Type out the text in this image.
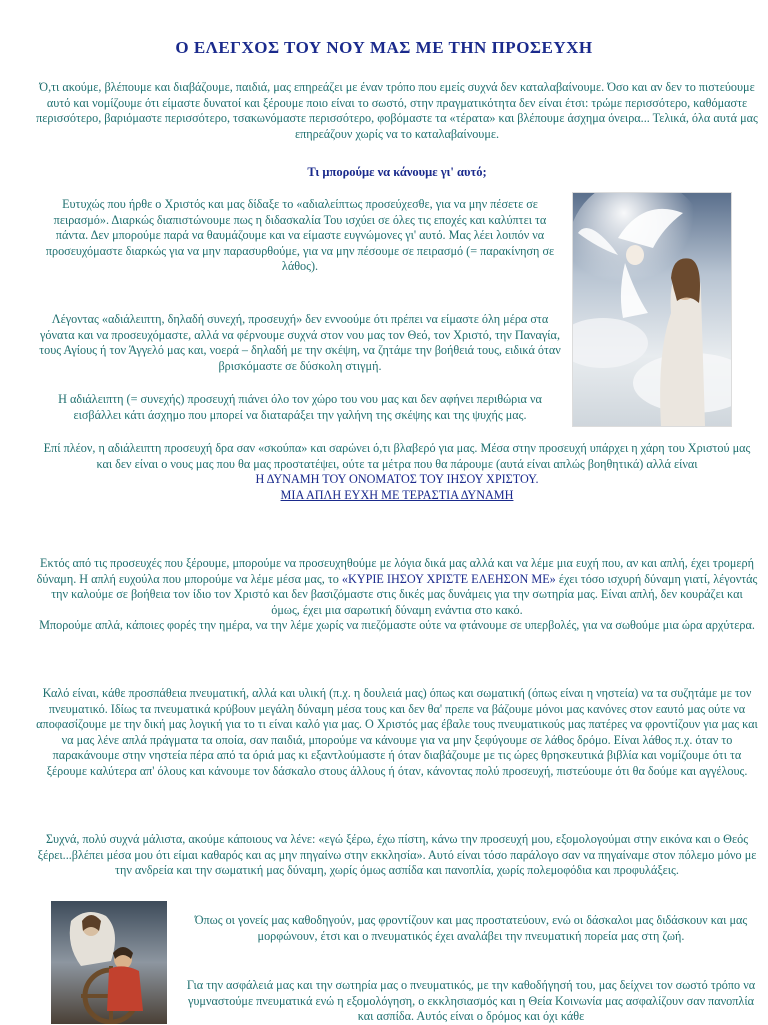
Ο ΕΛΕΓΧΟΣ ΤΟΥ ΝΟΥ ΜΑΣ ΜΕ ΤΗΝ ΠΡΟΣΕΥΧΗ

Ό,τι ακούμε, βλέπουμε και διαβάζουμε, παιδιά, μας επηρεάζει με έναν τρόπο που εμείς συχνά δεν καταλαβαίνουμε. Όσο και αν δεν το πιστεύουμε αυτό και νομίζουμε ότι είμαστε δυνατοί και ξέρουμε ποιο είναι το σωστό, στην πραγματικότητα δεν είναι έτσι: τρώμε περισσότερο, καθόμαστε περισσότερο, βαριόμαστε περισσότερο, τσακωνόμαστε περισσότερο, φοβόμαστε τα «τέρατα» και βλέπουμε άσχημα όνειρα... Τελικά, όλα αυτά μας επηρεάζουν χωρίς να το καταλαβαίνουμε.

Τι μπορούμε να κάνουμε γι' αυτό;

Ευτυχώς που ήρθε ο Χριστός και μας δίδαξε το «αδιαλείπτως προσεύχεσθε, για να μην πέσετε σε πειρασμό». Διαρκώς διαπιστώνουμε πως η διδασκαλία Του ισχύει σε όλες τις εποχές και καλύπτει τα πάντα. Δεν μπορούμε παρά να θαυμάζουμε και να είμαστε ευγνώμονες γι' αυτό. Μας λέει λοιπόν να προσευχόμαστε διαρκώς για να μην παρασυρθούμε, για να μην πέσουμε σε πειρασμό (= παρακίνηση σε λάθος).

Λέγοντας «αδιάλειπτη, δηλαδή συνεχή, προσευχή» δεν εννοούμε ότι πρέπει να είμαστε όλη μέρα στα γόνατα και να προσευχόμαστε, αλλά να φέρνουμε συχνά στον νου μας τον Θεό, τον Χριστό, την Παναγία, τους Αγίους ή τον Άγγελό μας και, νοερά – δηλαδή με την σκέψη, να ζητάμε την βοήθειά τους, ειδικά όταν βρισκόμαστε σε δύσκολη στιγμή.

Η αδιάλειπτη (= συνεχής) προσευχή πιάνει όλο τον χώρο του νου μας και δεν αφήνει περιθώρια να εισβάλλει κάτι άσχημο που μπορεί να διαταράξει την γαλήνη της σκέψης και της ψυχής μας.

Επί πλέον, η αδιάλειπτη προσευχή δρα σαν «σκούπα» και σαρώνει ό,τι βλαβερό για μας. Μέσα στην προσευχή υπάρχει η χάρη του Χριστού μας και δεν είναι ο νους μας που θα μας προστατέψει, ούτε τα μέτρα που θα πάρουμε (αυτά είναι απλώς βοηθητικά) αλλά είναι
Η ΔΥΝΑΜΗ ΤΟΥ ΟΝΟΜΑΤΟΣ ΤΟΥ ΙΗΣΟΥ ΧΡΙΣΤΟΥ.

ΜΙΑ ΑΠΛΗ ΕΥΧΗ ΜΕ ΤΕΡΑΣΤΙΑ ΔΥΝΑΜΗ

Εκτός από τις προσευχές που ξέρουμε, μπορούμε να προσευχηθούμε με λόγια δικά μας αλλά και να λέμε μια ευχή που, αν και απλή, έχει τρομερή δύναμη. Η απλή ευχούλα που μπορούμε να λέμε μέσα μας, το «ΚΥΡΙΕ ΙΗΣΟΥ ΧΡΙΣΤΕ ΕΛΕΗΣΟΝ ΜΕ» έχει τόσο ισχυρή δύναμη γιατί, λέγοντάς την καλούμε σε βοήθεια τον ίδιο τον Χριστό και δεν βασιζόμαστε στις δικές μας δυνάμεις για την σωτηρία μας. Είναι απλή, δεν κουράζει και όμως, έχει μια σαρωτική δύναμη ενάντια στο κακό.
Μπορούμε απλά, κάποιες φορές την ημέρα, να την λέμε χωρίς να πιεζόμαστε ούτε να φτάνουμε σε υπερβολές, για να σωθούμε μια ώρα αρχύτερα.

Καλό είναι, κάθε προσπάθεια πνευματική, αλλά και υλική (π.χ. η δουλειά μας) όπως και σωματική (όπως είναι η νηστεία) να τα συζητάμε με τον πνευματικό. Ιδίως τα πνευματικά κρύβουν μεγάλη δύναμη μέσα τους και δεν θα' πρεπε να βάζουμε μόνοι μας κανόνες στον εαυτό μας ούτε να αποφασίζουμε με την δική μας λογική για το τι είναι καλό για μας. Ο Χριστός μας έβαλε τους πνευματικούς μας πατέρες να φροντίζουν για μας και να μας λένε απλά πράγματα τα οποία, σαν παιδιά, μπορούμε να κάνουμε για να μην ξεφύγουμε σε λάθος δρόμο. Είναι λάθος π.χ. όταν το παρακάνουμε στην νηστεία πέρα από τα όριά μας κι εξαντλούμαστε ή όταν διαβάζουμε με τις ώρες θρησκευτικά βιβλία και νομίζουμε ότι τα ξέρουμε καλύτερα απ' όλους και κάνουμε τον δάσκαλο στους άλλους ή όταν, κάνοντας πολύ προσευχή, πιστεύουμε ότι θα δούμε και αγγέλους.

Συχνά, πολύ συχνά μάλιστα, ακούμε κάποιους να λένε: «εγώ ξέρω, έχω πίστη, κάνω την προσευχή μου, εξομολογούμαι στην εικόνα και ο Θεός ξέρει...βλέπει μέσα μου ότι είμαι καθαρός και ας μην πηγαίνω στην εκκλησία». Αυτό είναι τόσο παράλογο σαν να πηγαίναμε στον πόλεμο μόνο με την ανδρεία και την σωματική μας δύναμη, χωρίς όμως ασπίδα και πανοπλία, χωρίς πολεμοφόδια και προφυλάξεις.

Όπως οι γονείς μας καθοδηγούν, μας φροντίζουν και μας προστατεύουν, ενώ οι δάσκαλοι μας διδάσκουν και μας μορφώνουν, έτσι και ο πνευματικός έχει αναλάβει την πνευματική πορεία μας στη ζωή.

Για την ασφάλειά μας και την σωτηρία μας ο πνευματικός, με την καθοδήγησή του, μας δείχνει τον σωστό τρόπο να γυμναστούμε πνευματικά ενώ η εξομολόγηση, ο εκκλησιασμός και η Θεία Κοινωνία μας ασφαλίζουν σαν πανοπλία και ασπίδα. Αυτός είναι ο δρόμος και όχι κάθε
